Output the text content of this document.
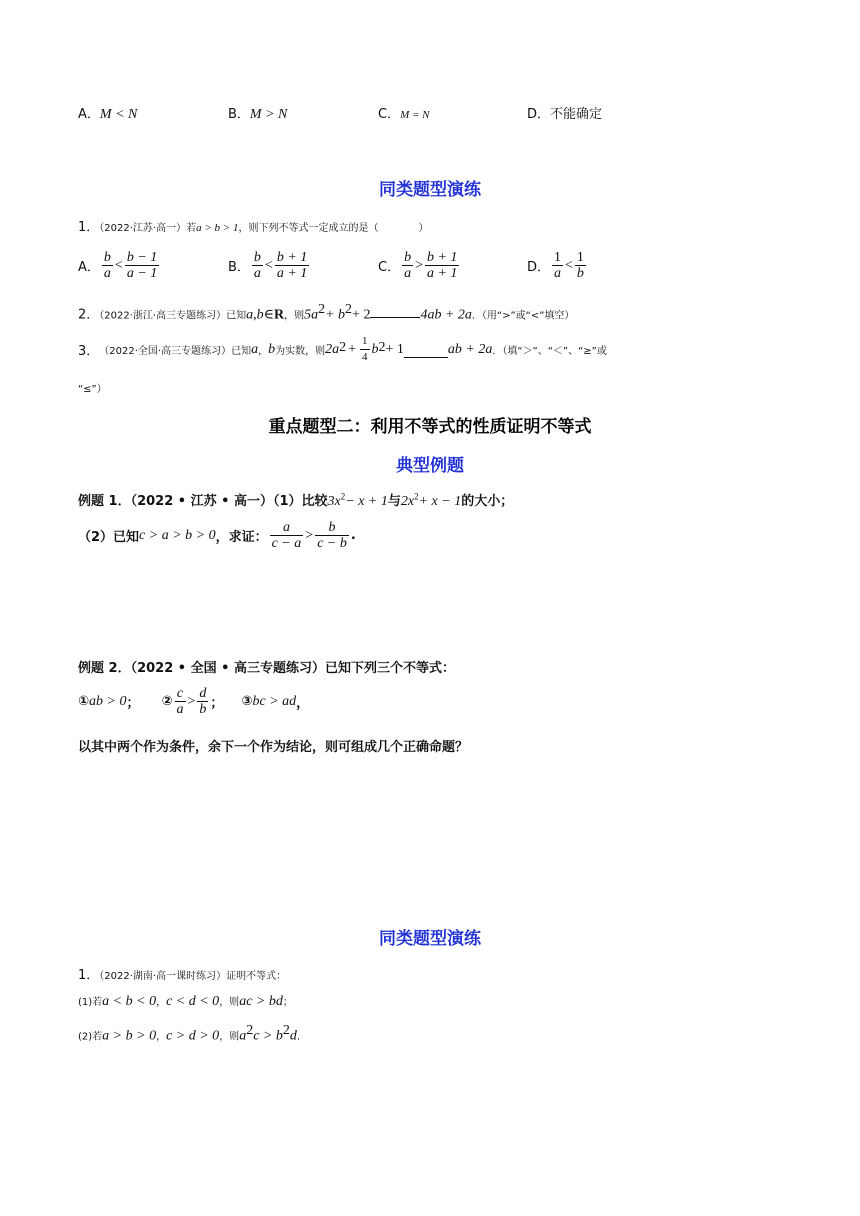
A．M < N	B．M > N	C．M = N	D．不能确定
同类题型演练
1．（2022·江苏·高一）若a > b > 1，则下列不等式一定成立的是（	）
A． $\frac{b}{a} < \frac{b - 1}{a - 1}$	B． $\frac{b}{a} < \frac{b + 1}{a + 1}$	C． $\frac{b}{a} > \frac{b + 1}{a + 1}$	D． $\frac{1}{a} < \frac{1}{b}$
2．（2022·浙江·高三专题练习）已知a,b∈R，则$5a^2+ b^2+ 2$	4ab + 2a．（用“>”或“<”填空）
3． （2022·全国·高三专题练习） 已知 a ， b 为实数，则 2a $2 + \frac{1}{4}$ b 2 + 1	ab + 2a ．（填“＞”、“＜”、“≥”或
“≤”）
重点题型二：利用不等式的性质证明不等式
典型例题
例题 1．（2022 • 江苏 • 高一）（1）比较$3x^2- x + 1$与$2x^2+ x - 1$的大小；
（2）已知 c > a > b > 0 ，求证： $\frac{a}{c - a} > \frac{b}{c - b}$ .
例题 2．（2022 • 全国 • 高三专题练习）已知下列三个不等式：
① ab > 0 ； ② $\frac{c}{a} > \frac{d}{b}$ ； ③ bc > ad ，
以其中两个作为条件，余下一个作为结论，则可组成几个正确命题？
同类题型演练
1．（2022·湖南·高一课时练习）证明不等式：
(1)若a < b < 0，c < d < 0，则ac > bd；
(2)若a > b > 0，c > d > 0，则$a^2c > b^2d$.
